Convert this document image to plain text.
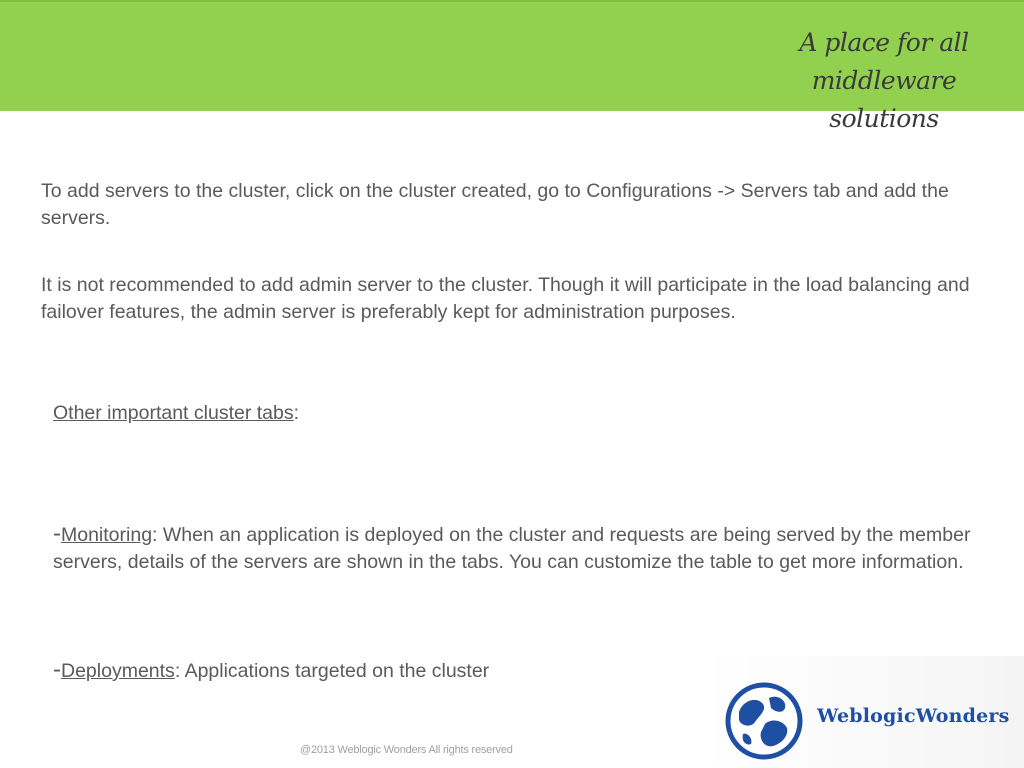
A place for all
middleware solutions

To add servers to the cluster, click on the cluster created, go to Configurations -> Servers tab and add the servers.

It is not recommended to add admin server to the cluster. Though it will participate in the load balancing and failover features, the admin server is preferably kept for administration purposes.

Other important cluster tabs:

-Monitoring: When an application is deployed on the cluster and requests are being served by the member servers, details of the servers are shown in the tabs. You can customize the table to get more information.

-Deployments: Applications targeted on the cluster

@2013 Weblogic Wonders All rights reserved
WeblogicWonders
